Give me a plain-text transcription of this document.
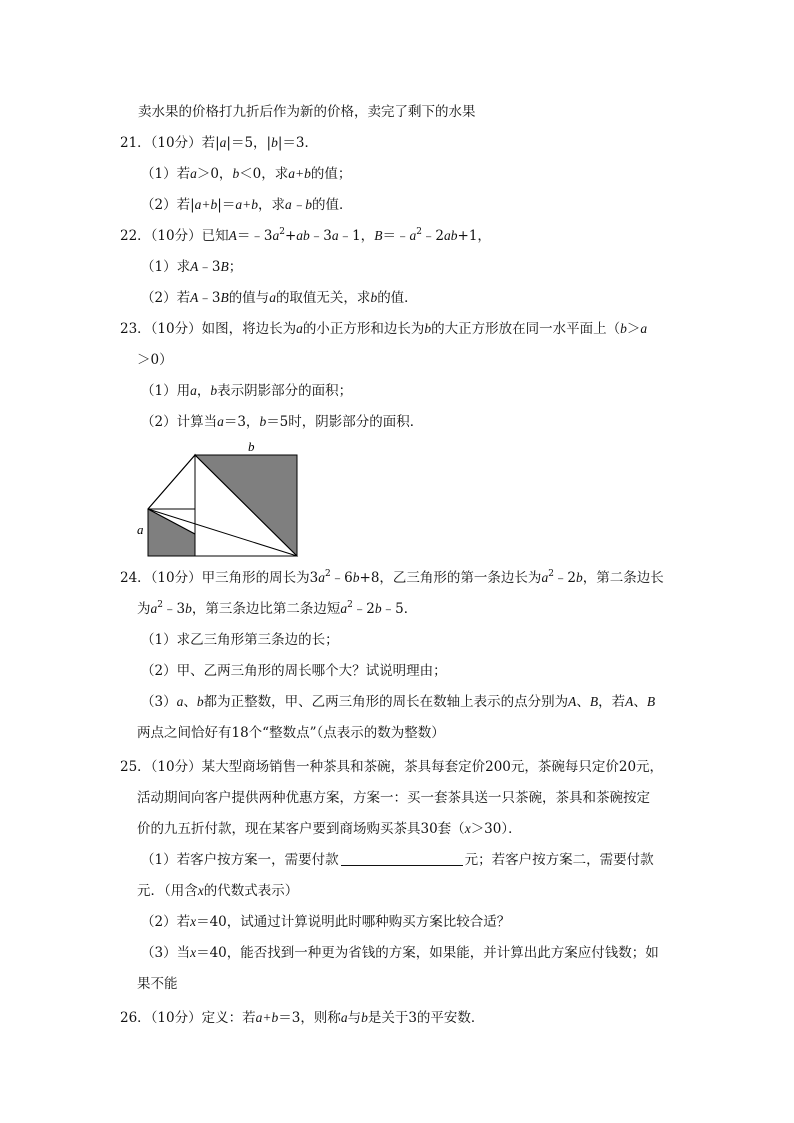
卖水果的价格打九折后作为新的价格，卖完了剩下的水果
21．（10分）若|a|＝5，|b|＝3．
（1）若a＞0，b＜0，求a+b的值；
（2）若|a+b|＝a+b，求a﹣b的值．
22．（10分）已知$A=﹣3a^2+ab﹣3a﹣1$，$B=﹣a^2﹣2ab+1$，
（1）求A﹣3B；
（2）若A﹣3B的值与a的取值无关，求b的值．
23．（10分）如图，将边长为a的小正方形和边长为b的大正方形放在同一水平面上（b＞a
＞0）
（1）用a，b表示阴影部分的面积；
（2）计算当a＝3，b＝5时，阴影部分的面积．
b
a
24．（10分）甲三角形的周长为$3a^2﹣6b+8$，乙三角形的第一条边长为$a^2﹣2b$，第二条边长
为$a^2﹣3b$，第三条边比第二条边短$a^2﹣2b﹣5$．
（1）求乙三角形第三条边的长；
（2）甲、乙两三角形的周长哪个大？试说明理由；
（3）a、b都为正整数，甲、乙两三角形的周长在数轴上表示的点分别为A、B，若A、B
两点之间恰好有18个“整数点”（点表示的数为整数）
25．（10分）某大型商场销售一种茶具和茶碗，茶具每套定价200元，茶碗每只定价20元，
活动期间向客户提供两种优惠方案，方案一：买一套茶具送一只茶碗，茶具和茶碗按定
价的九五折付款，现在某客户要到商场购买茶具30套（x＞30）．
（1）若客户按方案一，需要付款	元；若客户按方案二，需要付款
元．（用含x的代数式表示）
（2）若x＝40，试通过计算说明此时哪种购买方案比较合适？
（3）当x＝40，能否找到一种更为省钱的方案，如果能，并计算出此方案应付钱数；如
果不能
26．（10分）定义：若a+b＝3，则称a与b是关于3的平安数．
